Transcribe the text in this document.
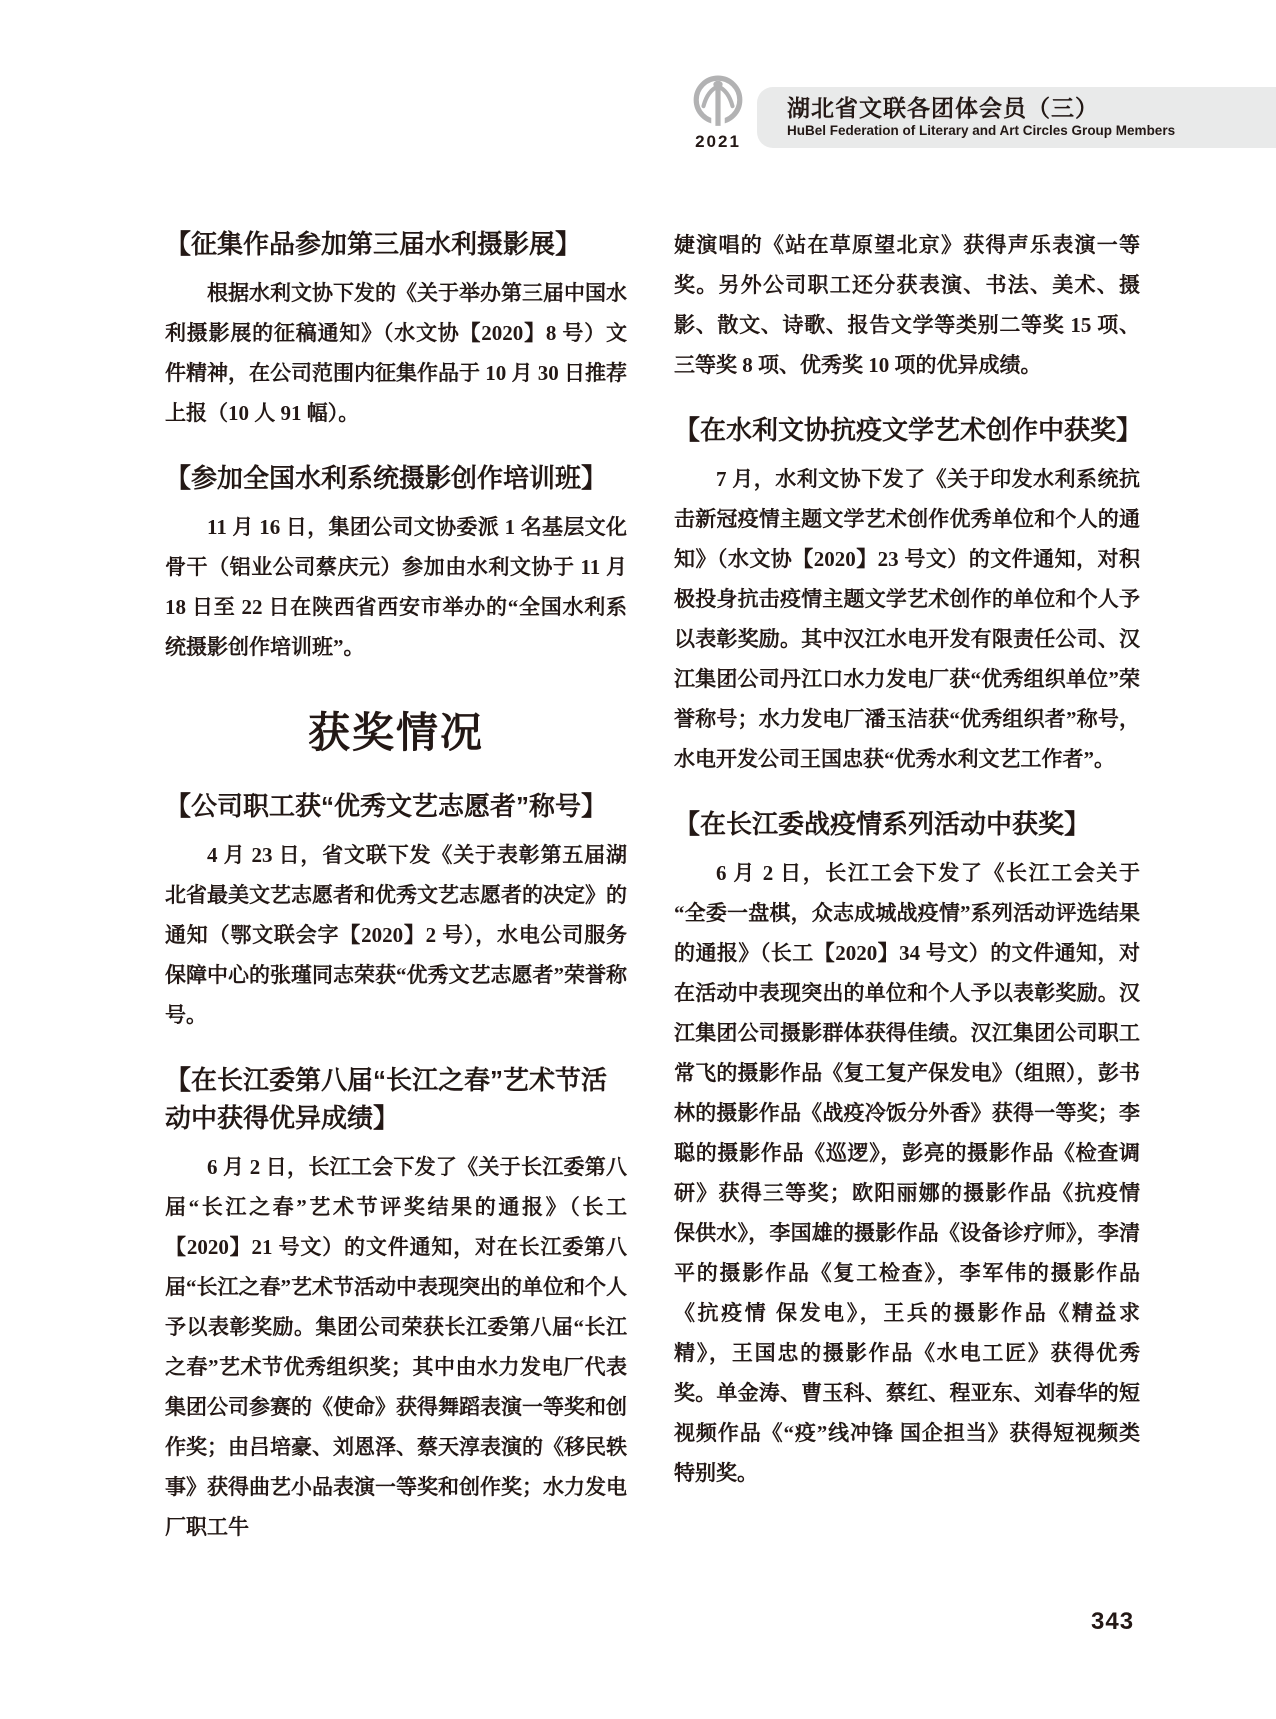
2021
湖北省文联各团体会员（三）
HuBel Federation of Literary and Art Circles Group Members
【征集作品参加第三届水利摄影展】
根据水利文协下发的《关于举办第三届中国水利摄影展的征稿通知》（水文协【2020】8 号）文件精神，在公司范围内征集作品于 10 月 30 日推荐上报（10 人 91 幅）。
【参加全国水利系统摄影创作培训班】
11 月 16 日，集团公司文协委派 1 名基层文化骨干（铝业公司蔡庆元）参加由水利文协于 11 月 18 日至 22 日在陕西省西安市举办的“全国水利系统摄影创作培训班”。
获奖情况
【公司职工获“优秀文艺志愿者”称号】
4 月 23 日，省文联下发《关于表彰第五届湖北省最美文艺志愿者和优秀文艺志愿者的决定》的通知（鄂文联会字【2020】2 号），水电公司服务保障中心的张瑾同志荣获“优秀文艺志愿者”荣誉称号。
【在长江委第八届“长江之春”艺术节活动中获得优异成绩】
6 月 2 日，长江工会下发了《关于长江委第八届“长江之春”艺术节评奖结果的通报》（长工【2020】21 号文）的文件通知，对在长江委第八届“长江之春”艺术节活动中表现突出的单位和个人予以表彰奖励。集团公司荣获长江委第八届“长江之春”艺术节优秀组织奖；其中由水力发电厂代表集团公司参赛的《使命》获得舞蹈表演一等奖和创作奖；由吕培豪、刘恩泽、蔡天淳表演的《移民轶事》获得曲艺小品表演一等奖和创作奖；水力发电厂职工牛
婕演唱的《站在草原望北京》获得声乐表演一等奖。另外公司职工还分获表演、书法、美术、摄影、散文、诗歌、报告文学等类别二等奖 15 项、三等奖 8 项、优秀奖 10 项的优异成绩。
【在水利文协抗疫文学艺术创作中获奖】
7 月，水利文协下发了《关于印发水利系统抗击新冠疫情主题文学艺术创作优秀单位和个人的通知》（水文协【2020】23 号文）的文件通知，对积极投身抗击疫情主题文学艺术创作的单位和个人予以表彰奖励。其中汉江水电开发有限责任公司、汉江集团公司丹江口水力发电厂获“优秀组织单位”荣誉称号；水力发电厂潘玉洁获“优秀组织者”称号，水电开发公司王国忠获“优秀水利文艺工作者”。
【在长江委战疫情系列活动中获奖】
6 月 2 日，长江工会下发了《长江工会关于“全委一盘棋，众志成城战疫情”系列活动评选结果的通报》（长工【2020】34 号文）的文件通知，对在活动中表现突出的单位和个人予以表彰奖励。汉江集团公司摄影群体获得佳绩。汉江集团公司职工常飞的摄影作品《复工复产保发电》（组照），彭书林的摄影作品《战疫冷饭分外香》获得一等奖；李聪的摄影作品《巡逻》，彭亮的摄影作品《检查调研》获得三等奖；欧阳丽娜的摄影作品《抗疫情 保供水》，李国雄的摄影作品《设备诊疗师》，李清平的摄影作品《复工检查》，李军伟的摄影作品《抗疫情 保发电》，王兵的摄影作品《精益求精》，王国忠的摄影作品《水电工匠》获得优秀奖。单金涛、曹玉科、蔡红、程亚东、刘春华的短视频作品《“疫”线冲锋 国企担当》获得短视频类特别奖。
343
